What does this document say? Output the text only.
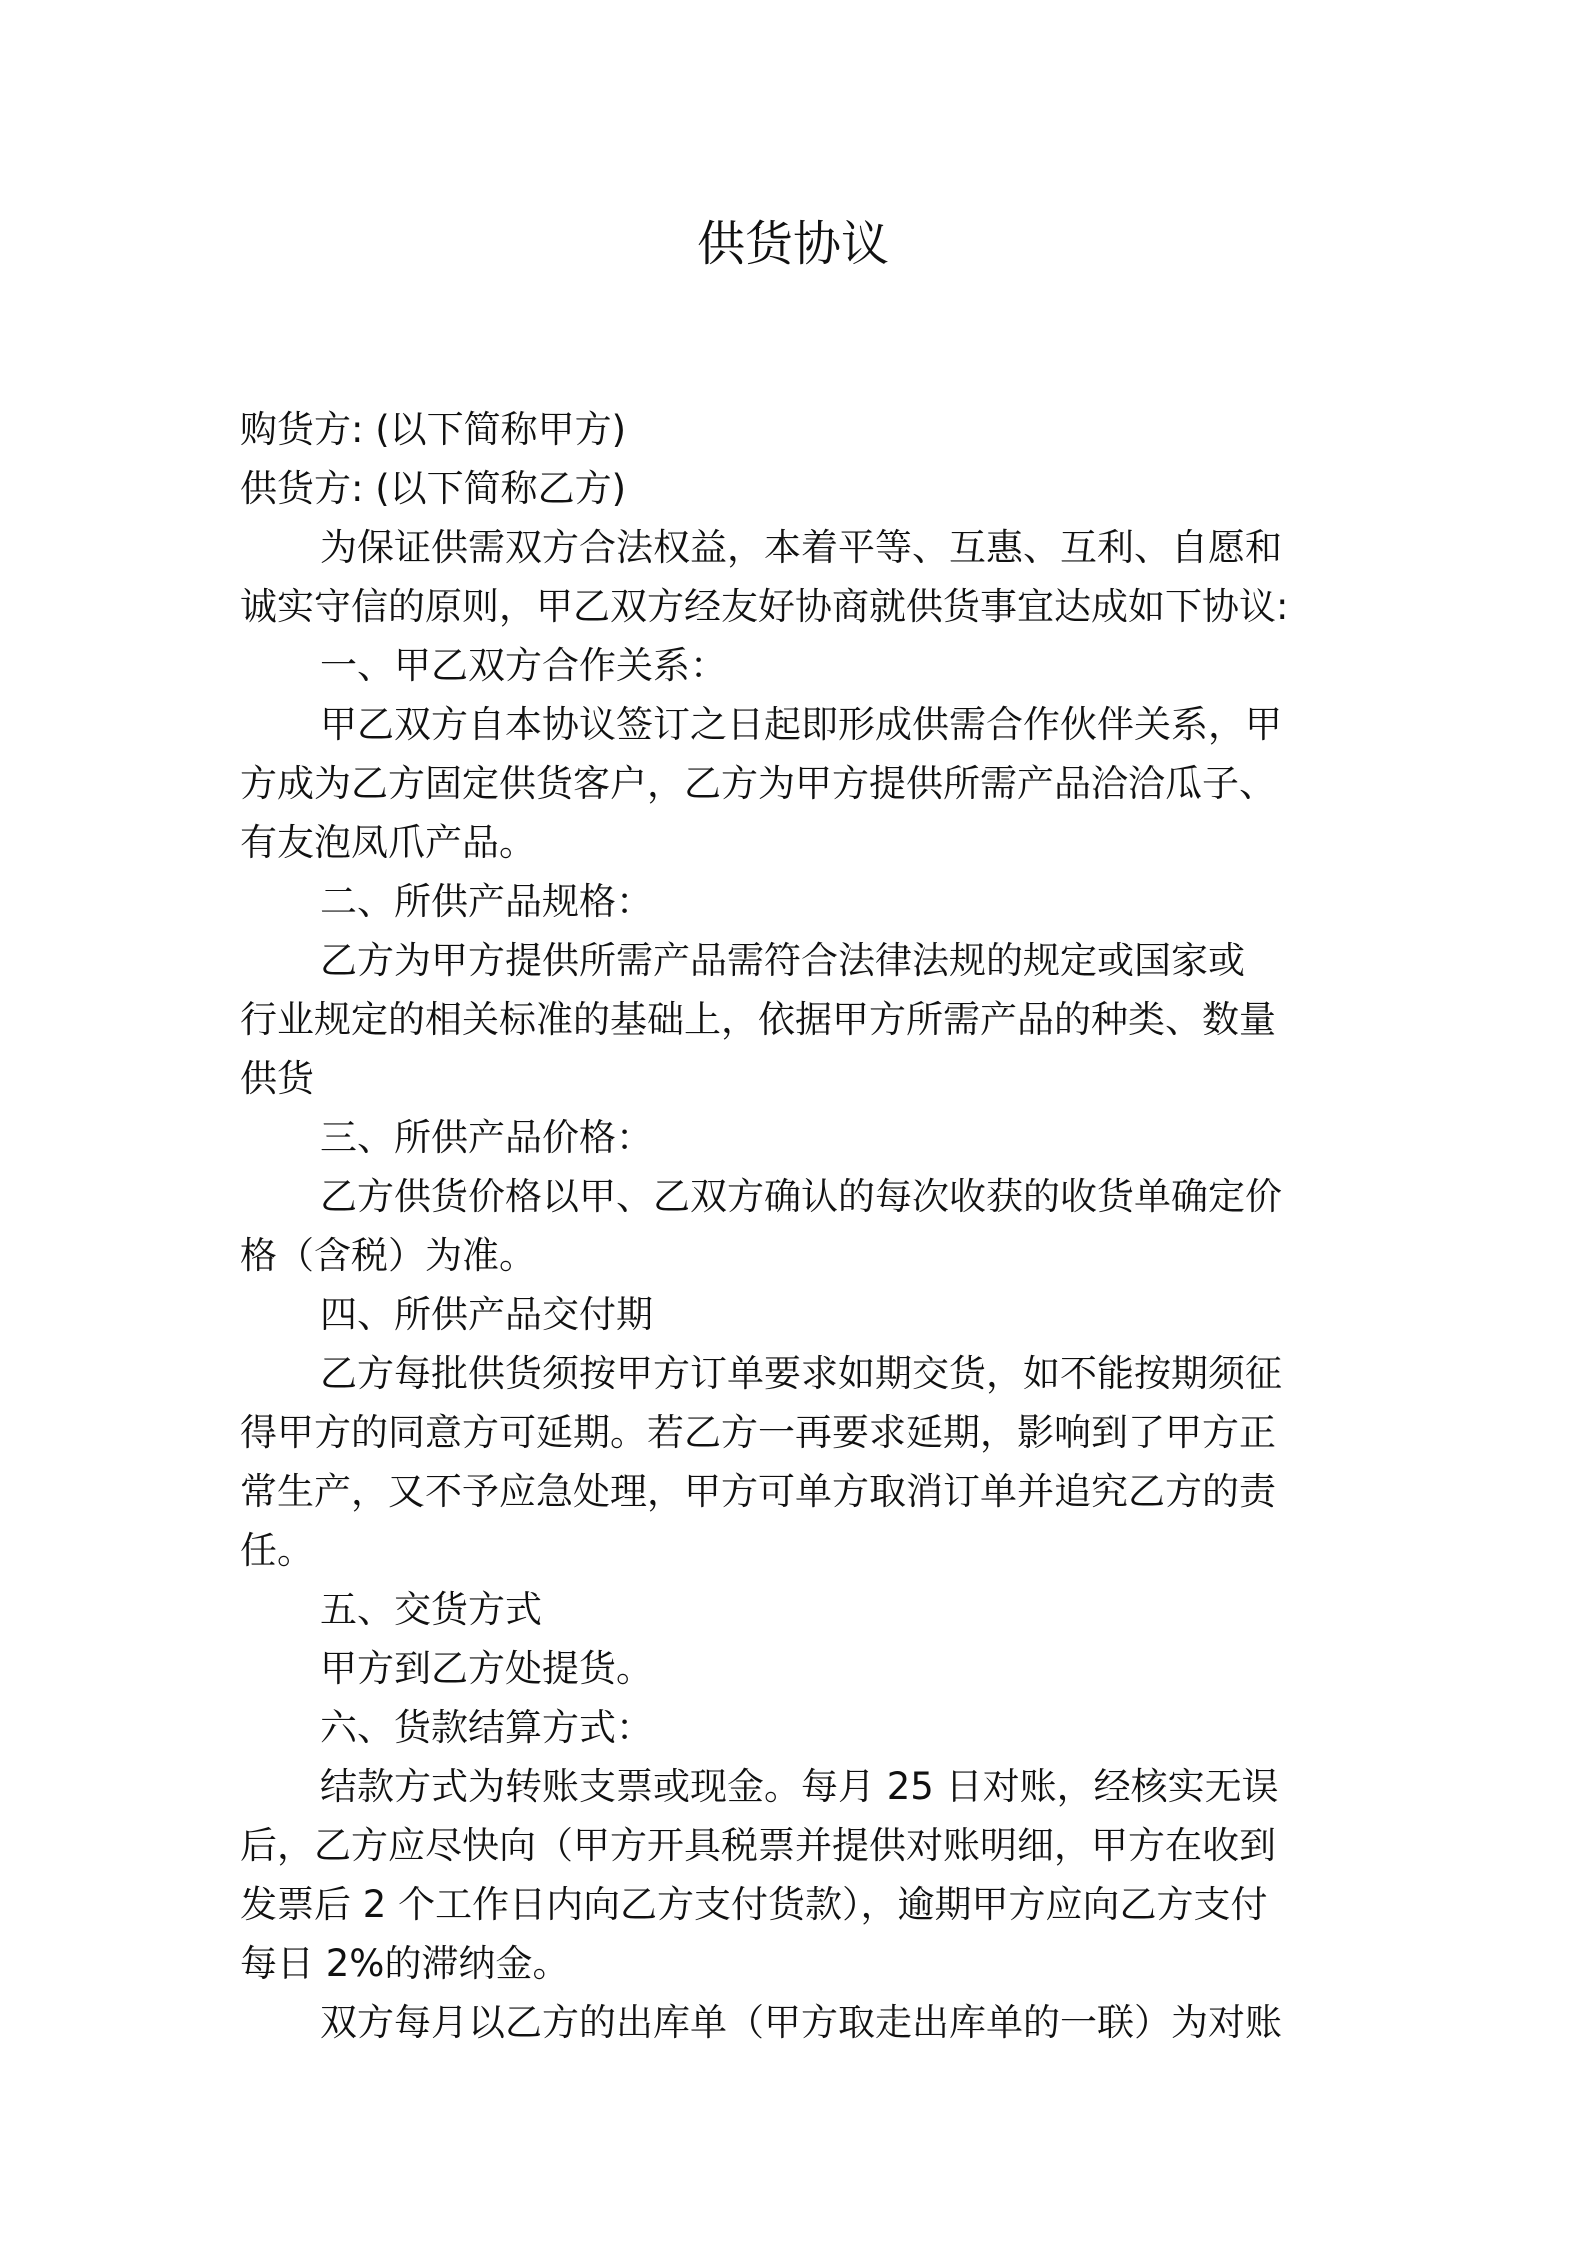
供货协议

购货方: (以下简称甲方)

供货方: (以下简称乙方)

为保证供需双方合法权益，本着平等、互惠、互利、自愿和

诚实守信的原则，甲乙双方经友好协商就供货事宜达成如下协议:

一、甲乙双方合作关系：

甲乙双方自本协议签订之日起即形成供需合作伙伴关系，甲

方成为乙方固定供货客户，乙方为甲方提供所需产品洽洽瓜子、

有友泡凤爪产品。

二、所供产品规格：

乙方为甲方提供所需产品需符合法律法规的规定或国家或

行业规定的相关标准的基础上，依据甲方所需产品的种类、数量

供货

三、所供产品价格：

乙方供货价格以甲、乙双方确认的每次收获的收货单确定价

格（含税）为准。

四、所供产品交付期

乙方每批供货须按甲方订单要求如期交货，如不能按期须征

得甲方的同意方可延期。若乙方一再要求延期，影响到了甲方正

常生产，又不予应急处理，甲方可单方取消订单并追究乙方的责

任。

五、交货方式

甲方到乙方处提货。

六、货款结算方式：

结款方式为转账支票或现金。每月 25 日对账，经核实无误

后，乙方应尽快向（甲方开具税票并提供对账明细，甲方在收到

发票后 2 个工作日内向乙方支付货款），逾期甲方应向乙方支付

每日 2%的滞纳金。

双方每月以乙方的出库单（甲方取走出库单的一联）为对账
